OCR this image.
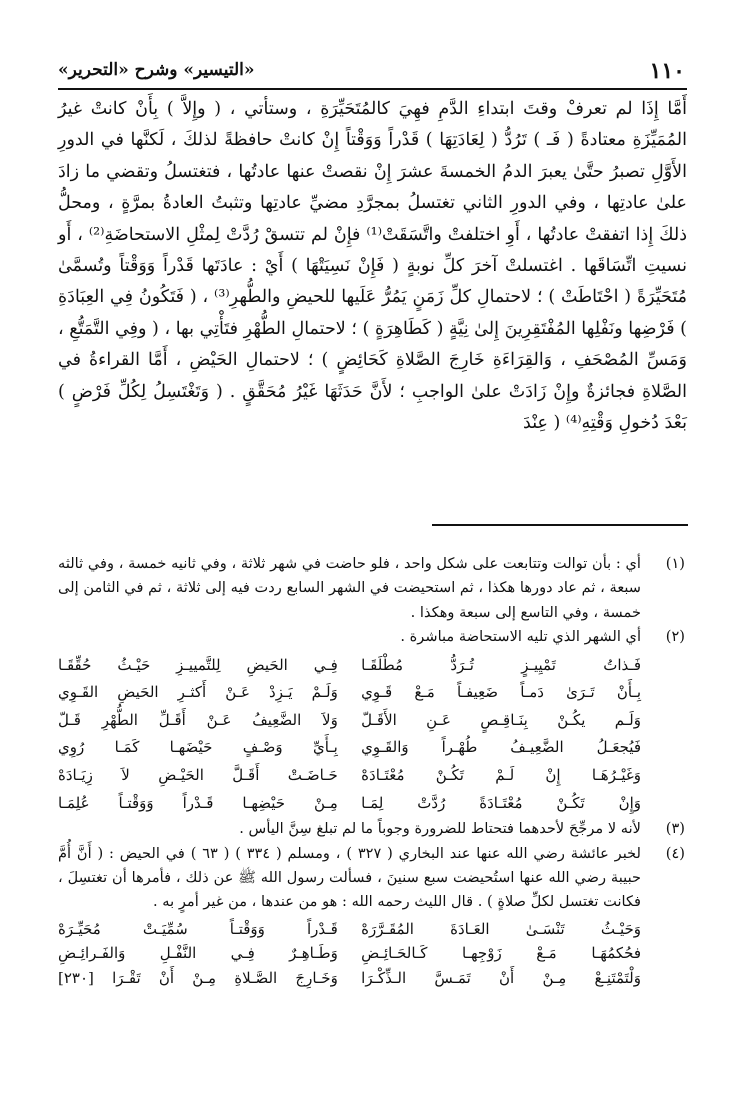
«التيسير» وشرح «التحرير»	١١٠

أَمَّا إِذَا لم تعرفْ وقتَ ابتداءِ الدَّمِ فهِيَ كالمُتَحَيِّرَةِ ، وستأتي ، ( وإِلاَّ ) بِأَنْ كانتْ غيرُ المُمَيِّزَةِ معتادةً ( فَـ ) تَرُدُّ ( لِعَادَتِهَا ) قَدْراً وَوَقْتاً إِنْ كانتْ حافظةً لذلكَ ، لَكنَّها في الدورِ الأَوَّلِ تصبرُ حتَّىٰ يعبرَ الدمُ الخمسةَ عشرَ إِنْ نقصتْ عنها عادتُها ، فتغتسلُ وتقضي ما زادَ علىٰ عادتِها ، وفي الدورِ الثاني تغتسلُ بمجرَّدِ مضيِّ عادتِها وتثبتُ العادةُ بمرَّةٍ ، ومحلُّ ذلكَ إِذا اتفقتْ عادتُها ، أَوِ اختلفتْ واتَّسَقَتْ⁽¹⁾ فإِنْ لم تتسقْ رُدَّتْ لِمثْلِ الاستحاضَةِ⁽²⁾ ، أَو نسيتِ اتِّسَاقَها . اغتسلتْ آخرَ كلِّ نوبةٍ ( فَإِنْ نَسِيَتْهَا ) أَيْ : عادَتَها قَدْراً وَوَقْتاً وتُسمَّىٰ مُتَحَيِّرَةً ( احْتَاطَتْ ) ؛ لاحتمالِ كلِّ زَمَنٍ يَمُرُّ عَلَيها للحيضِ والطُّهرِ⁽³⁾ ، ( فَتَكُونُ فِي العِبَادَةِ ) فَرْضِها ونَفْلِها المُفْتَقِرِينَ إِلىٰ نِيَّةٍ ( كَطَاهِرَةٍ ) ؛ لاحتمالِ الطُّهْرِ فتَأْتِي بها ، ( وفِي التَّمَتُّعِ ، وَمَسِّ المُصْحَفِ ، وَالقِرَاءَةِ خَارِجَ الصَّلاةِ كَحَائِضٍ ) ؛ لاحتمالِ الحَيْضِ ، أَمَّا القراءةُ في الصَّلاةِ فجائزةٌ وإِنْ زَادَتْ علىٰ الواجبِ ؛ لأَنَّ حَدَثَهَا غَيْرُ مُحَقَّقٍ . ( وَتَغْتَسِلُ لِكُلِّ فَرْضٍ ) بَعْدَ دُخولِ وَقْتِهِ⁽⁴⁾ ( عِنْدَ

(١)
أي : بأن توالت وتتابعت على شكل واحد ، فلو حاضت في شهر ثلاثة ، وفي ثانيه خمسة ، وفي ثالثه سبعة ، ثم عاد دورها هكذا ، ثم استحيضت في الشهر السابع ردت فيه إلى ثلاثة ، ثم في الثامن إلى خمسة ، وفي التاسع إلى سبعة وهكذا .
(٢)
أي الشهر الذي تليه الاستحاضة مباشرة .
فَـذاتُ تَمْيِيـزٍ تُـرَدُّ مُطْلَقَـا
فِـي الحَيضِ لِلتَّمييـزِ حَيْـثُ حُقِّقَـا
بِـأَنْ تَـرَىٰ دَمـاً ضَعِيفـاً مَـعْ قَـوِي
وَلَـمْ يَـزِدْ عَـنْ أَكثـرِ الحَيضِ القَـوِي
وَلَـم يكُـنْ بِنَـاقِـصٍ عَـنِ الأَقَـلّ
وَلاَ الضَّعِيفُ عَـنْ أَقَـلِّ الطُّهْرِ قَـلّ
فَيُجعَـلُ الضَّعِيـفُ طُهْـراً وَالقَـوِي
بِـأَيِّ وَصْـفٍ حَيْضَهـا كَمَـا رُوِي
وَغَيْـرُهَـا إِنْ لَـمْ تَكُـنْ مُعْتَـادَهْ
حَـاضَـتْ أَقَـلَّ الحَيْـضِ لاَ زِيَـادَهْ
وَإِنْ تَكُـنْ مُعْتَـادَةً رُدَّتْ لِمَـا
مِـنْ حَيْضِهـا قَـدْراً وَوَقْتـاً عُلِمَـا
(٣)
لأنه لا مرجِّحَ لأحدهما فتحتاط للضرورة وجوباً ما لم تبلغ سِنَّ اليأس .
(٤)
لخبر عائشة رضي الله عنها عند البخاري ( ٣٢٧ ) ، ومسلم ( ٣٣٤ ) ( ٦٣ ) في الحيض : ( أَنَّ أُمَّ حبيبة رضي الله عنها استُحيضت سبع سنينَ ، فسألت رسول الله ﷺ عن ذلك ، فأمرها أن تغتسِلَ ، فكانت تغتسل لكلِّ صلاةٍ ) . قال الليث رحمه الله : هو من عندها ، من غير أمرٍ به .
وَحَيْـثُ تَنْسَـىٰ العَـادَةَ المُقَـرَّرَهْ
قَـدْراً وَوَقْتـاً سُمِّيَـتْ مُحَيِّـرَهْ
فحُكمُهَـا مَـعْ زَوْجِهـا كَـالحَـائِـضِ
وَطَـاهِـرٌ فِـي النَّفْـلِ وَالفَـرائِـضِ
وَلْتَمْتَنِـعْ مِـنْ أَنْ تَمَـسَّ الـذِّكْـرَا
وَخَـارِجَ الصَّـلاةِ مِـنْ أَنْ تَقْـرَا [٢٣٠]
